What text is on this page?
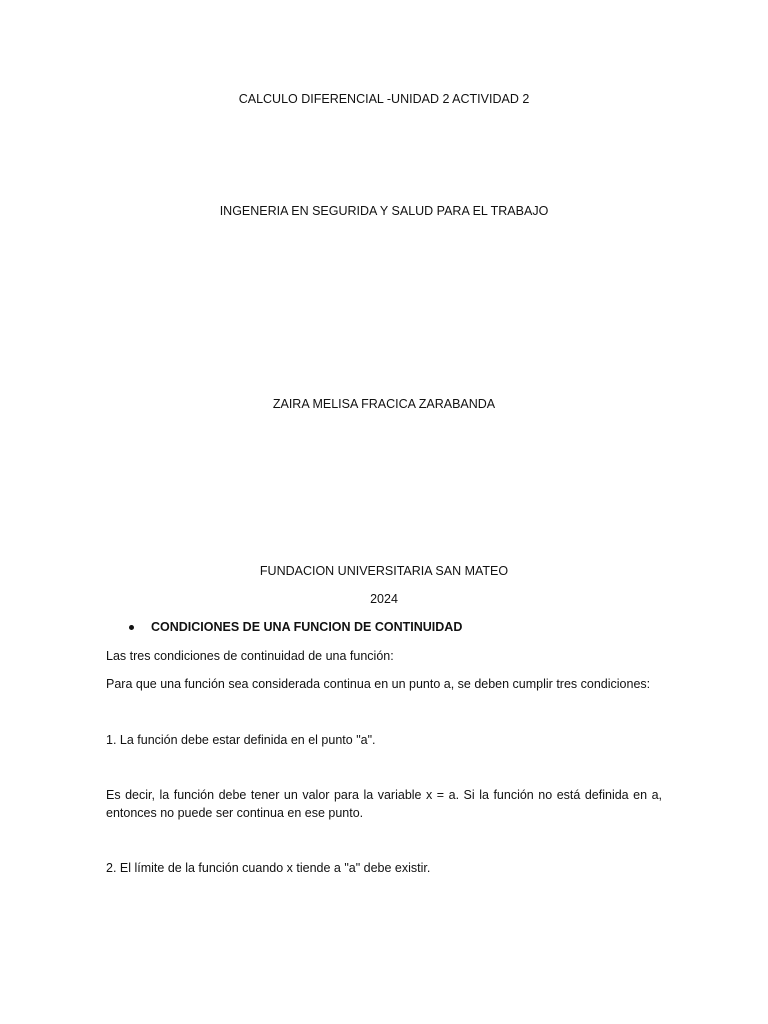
CALCULO DIFERENCIAL -UNIDAD 2 ACTIVIDAD 2
INGENERIA EN SEGURIDA Y SALUD PARA EL TRABAJO
ZAIRA MELISA FRACICA ZARABANDA
FUNDACION UNIVERSITARIA SAN MATEO
2024
CONDICIONES DE UNA FUNCION DE CONTINUIDAD
Las tres condiciones de continuidad de una función:
Para que una función sea considerada continua en un punto a, se deben cumplir tres condiciones:
1. La función debe estar definida en el punto "a".
Es decir, la función debe tener un valor para la variable x = a. Si la función no está definida en a, entonces no puede ser continua en ese punto.
2. El límite de la función cuando x tiende a "a" debe existir.
